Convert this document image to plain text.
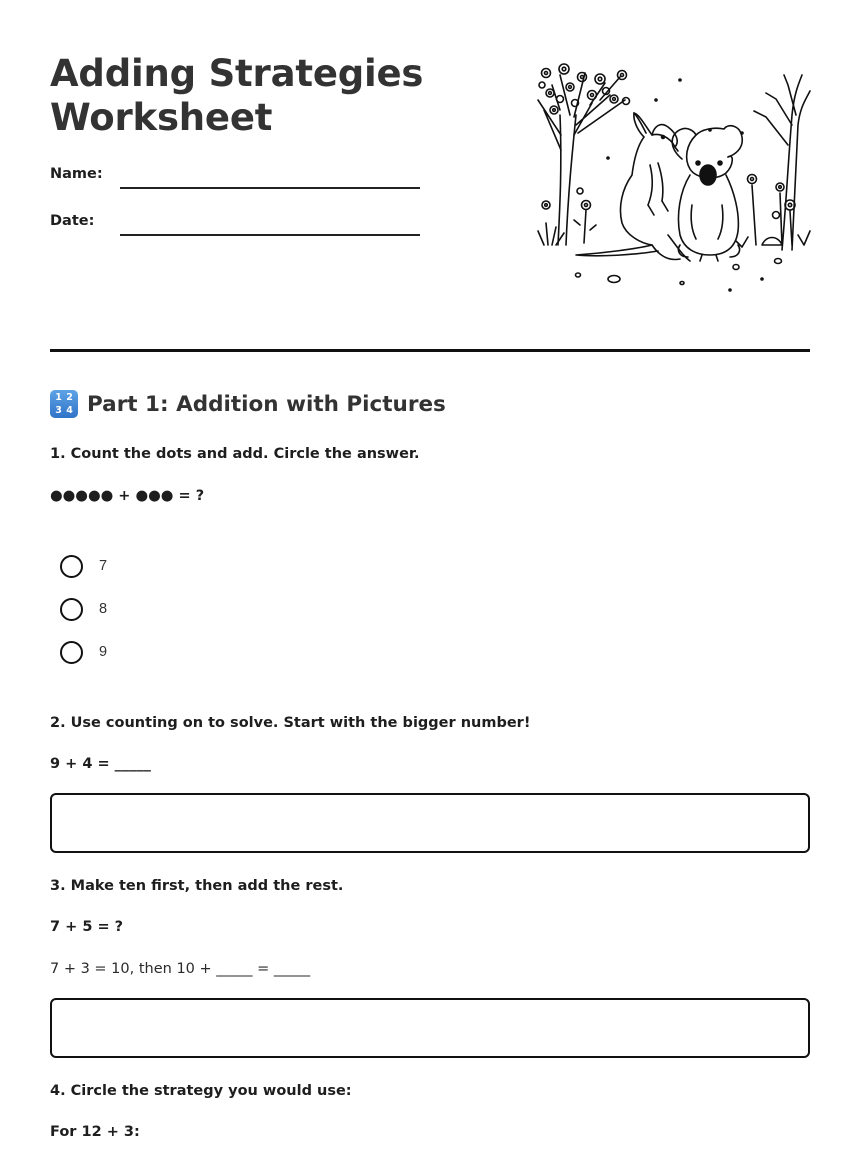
Adding Strategies
Worksheet
Name:
Date:
1 2
3 4 Part 1: Addition with Pictures
1. Count the dots and add. Circle the answer.
●●●●● + ●●● = ?
7
8
9
2. Use counting on to solve. Start with the bigger number!
9 + 4 = _____
3. Make ten first, then add the rest.
7 + 5 = ?
7 + 3 = 10, then 10 + _____ = _____
4. Circle the strategy you would use:
For 12 + 3:
